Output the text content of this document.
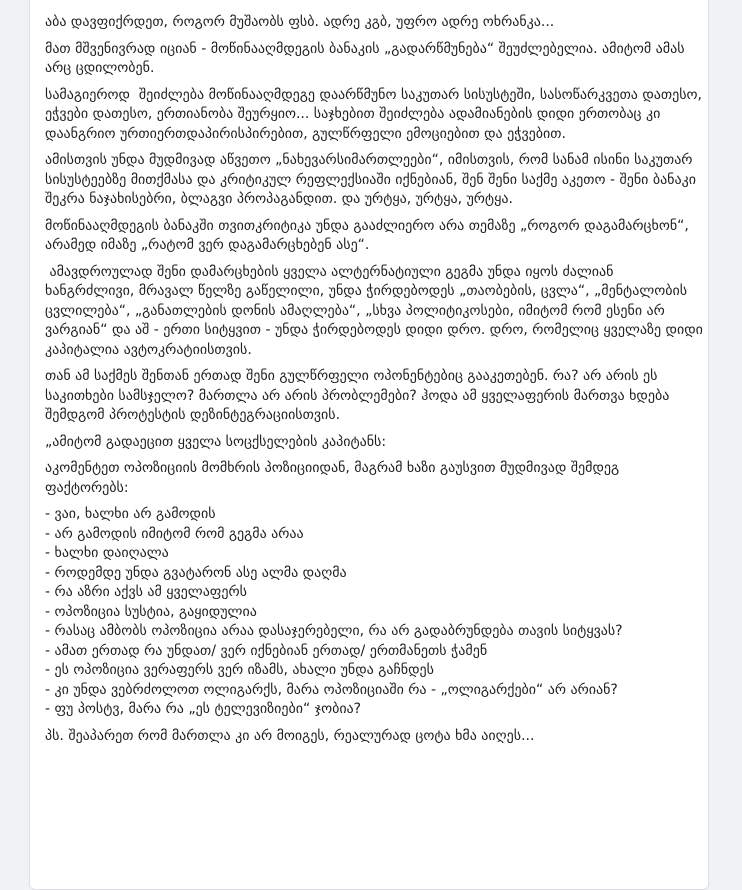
აბა დავფიქრდეთ, როგორ მუშაობს ფსბ. ადრე კგბ, უფრო ადრე ოხრანკა...

მათ მშვენივრად იციან - მოწინააღმდეგის ბანაკის „გადარწმუნება“ შეუძლებელია. ამიტომ ამას არც ცდილობენ.

სამაგიეროდ  შეიძლება მოწინააღმდეგე დაარწმუნო საკუთარ სისუსტეში, სასოწარკვეთა დათესო, ეჭვები დათესო, ერთიანობა შეურყიო... საჯხებით შეიძლება ადამიანების დიდი ერთობაც კი დაანგრიო ურთიერთდაპირისპირებით, გულწრფელი ემოციებით და ეჭვებით.

ამისთვის უნდა მუდმივად აწვეთო „ნახევარსიმართლეები“, იმისთვის, რომ სანამ ისინი საკუთარ სისუსტეებზე მითქმასა და კრიტიკულ რეფლექსიაში იქნებიან, შენ შენი საქმე აკეთო - შენი ბანაკი შეკრა ნაჯახისებრი, ბლაგვი პროპაგანდით. და ურტყა, ურტყა, ურტყა.

მოწინააღმდეგის ბანაკში თვითკრიტიკა უნდა გააძლიერო არა თემაზე „როგორ დაგამარცხონ“, არამედ იმაზე „რატომ ვერ დაგამარცხებენ ასე“.

ამავდროულად შენი დამარცხების ყველა ალტერნატიული გეგმა უნდა იყოს ძალიან ხანგრძლივი, მრავალ წელზე გაწელილი, უნდა ჭირდებოდეს „თაობების, ცვლა“, „მენტალობის ცვლილება“, „განათლების დონის ამაღლება“, „სხვა პოლიტიკოსები, იმიტომ რომ ესენი არ ვარგიან“ და აშ - ერთი სიტყვით - უნდა ჭირდებოდეს დიდი დრო. დრო, რომელიც ყველაზე დიდი კაპიტალია ავტოკრატიისთვის.

თან ამ საქმეს შენთან ერთად შენი გულწრფელი ოპონენტებიც გააკეთებენ. რა? არ არის ეს საკითხები სამსჯელო? მართლა არ არის პრობლემები? ჰოდა ამ ყველაფერის მართვა ხდება შემდგომ პროტესტის დეზინტეგრაციისთვის.

„ამიტომ გადაეცით ყველა სოცქსელების კაპიტანს:

აკომენტეთ ოპოზიციის მომხრის პოზიციიდან, მაგრამ ხაზი გაუსვით მუდმივად შემდეგ ფაქტორებს:

- ვაი, ხალხი არ გამოდის
- არ გამოდის იმიტომ რომ გეგმა არაა
- ხალხი დაიღალა
- როდემდე უნდა გვატარონ ასე ალმა დაღმა
- რა აზრი აქვს ამ ყველაფერს
- ოპოზიცია სუსტია, გაყიდულია
- რასაც ამბობს ოპოზიცია არაა დასაჯერებელი, რა არ გადაბრუნდება თავის სიტყვას?
- ამათ ერთად რა უნდათ/ ვერ იქნებიან ერთად/ ერთმანეთს ჭამენ
- ეს ოპოზიცია ვერაფერს ვერ იზამს, ახალი უნდა გაჩნდეს
- კი უნდა ვებრძოლოთ ოლიგარქს, მარა ოპოზიციაში რა - „ოლიგარქები“ არ არიან?
- ფუ პოსტვ, მარა რა „ეს ტელევიზიები“ ჯობია?

პს. შეაპარეთ რომ მართლა კი არ მოიგეს, რეალურად ცოტა ხმა აიღეს...
